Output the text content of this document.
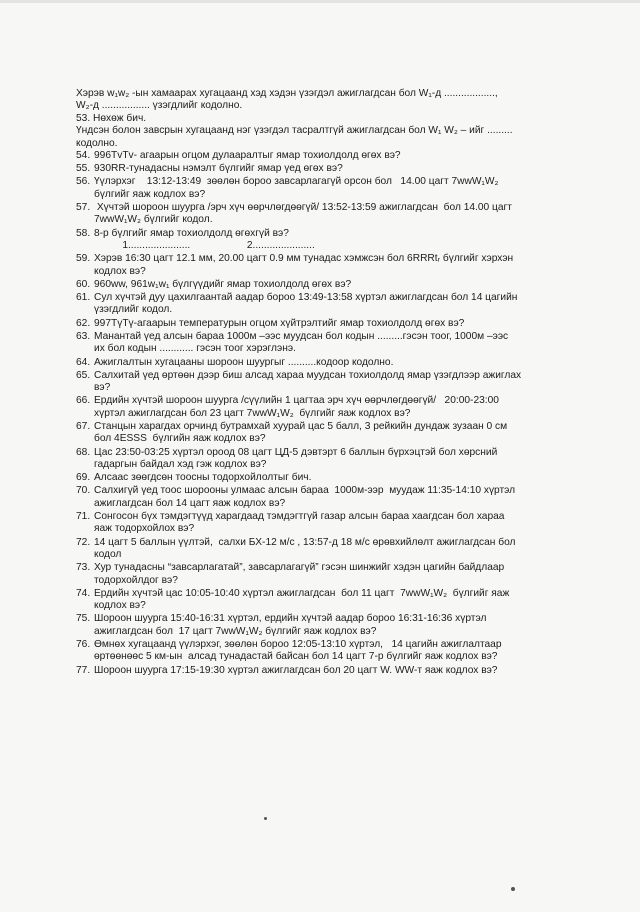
Хэрэв w₁w₂ -ын хамаарах хугацаанд хэд хэдэн үзэгдэл ажиглагдсан бол W₁-д ..................,

W₂-д ................. үзэгдлийг кодолно.

53. Нөхөж бич.

Үндсэн болон завсрын хугацаанд нэг үзэгдэл тасралтгүй ажиглагдсан бол W₁ W₂ – ийг .........

кодолно.

54. 996TvTv- агаарын огцом дулааралтыг ямар тохиолдолд өгөх вэ?
55. 930RR-тунадасны нэмэлт бүлгийг ямар үед өгөх вэ?
56. Үүлэрхэг    13:12-13:49  зөөлөн бороо завсарлагагүй орсон бол   14.00 цагт 7wwW₁W₂
бүлгийг яаж кодлох вэ?
57. Хүчтэй шороон шуурга /эрч хүч өөрчлөгдөөгүй/ 13:52-13:59 ажиглагдсан  бол 14.00 цагт
7wwW₁W₂ бүлгийг кодол.
58. 8-р бүлгийг ямар тохиолдолд өгөхгүй вэ?
1......................                    2......................
59. Хэрэв 16:30 цагт 12.1 мм, 20.00 цагт 0.9 мм тунадас хэмжсэн бол 6RRRtᵣ бүлгийг хэрхэн
кодлох вэ?
60. 960ww, 961w₁w₁ бүлгүүдийг ямар тохиолдолд өгөх вэ?
61. Сул хүчтэй дуу цахилгаантай аадар бороо 13:49-13:58 хүртэл ажиглагдсан бол 14 цагийн
үзэгдлийг кодол.
62. 997ТүТү-агаарын температурын огцом хүйтрэлтийг ямар тохиолдолд өгөх вэ?
63. Манантай үед алсын бараа 1000м –ээс муудсан бол кодын .........гэсэн тоог, 1000м –ээс
их бол кодын ............ гэсэн тоог хэрэглэнэ.
64. Ажиглалтын хугацааны шороон шуургыг ..........кодоор кодолно.
65. Салхитай үед өртөөн дээр биш алсад харaa муудсан тохиолдолд ямар үзэгдлээр ажиглах
вэ?
66. Ердийн хүчтэй шороон шуурга /сүүлийн 1 цагтаа эрч хүч өөрчлөгдөөгүй/   20:00-23:00
хүртэл ажиглагдсан бол 23 цагт 7wwW₁W₂  бүлгийг яаж кодлох вэ?
67. Станцын харагдах орчинд бутрамхай хуурай цас 5 балл, 3 рейкийн дундаж зузаан 0 см
бол 4ESSS  бүлгийн яаж кодлох вэ?
68. Цас 23:50-03:25 хүртэл ороод 08 цагт ЦД-5 дэвтэрт 6 баллын бүрхэцтэй бол хөрсний
гадаргын байдал хэд гэж кодлох вэ?
69. Алсаас зөөгдсөн тоосны тодорхойлолтыг бич.
70. Салхигүй үед тоос шорооны улмаас алсын бараа  1000м-ээр  муудаж 11:35-14:10 хүртэл
ажиглагдсан бол 14 цагт яаж кодлох вэ?
71. Сонгосон бүх тэмдэгтүүд харагдаад тэмдэгтгүй газар алсын бараа хаагдсан бол хараа
яаж тодорхойлох вэ?
72. 14 цагт 5 баллын үүлтэй,  салхи БХ-12 м/с , 13:57-д 18 м/с өрөвхийлөлт ажиглагдсан бол
кодол
73. Хур тунадасны “завсарлагатай”, завсарлагагүй” гэсэн шинжийг хэдэн цагийн байдлаар
тодорхойлдог вэ?
74. Ердийн хүчтэй цас 10:05-10:40 хүртэл ажиглагдсан  бол 11 цагт  7wwW₁W₂  бүлгийг яаж
кодлох вэ?
75. Шороон шуурга 15:40-16:31 хүртэл, ердийн хүчтэй аадар бороо 16:31-16:36 хүртэл
ажиглагдсан бол  17 цагт 7wwW₁W₂ бүлгийг яаж кодлох вэ?
76. Өмнөх хугацаанд үүлэрхэг, зөөлөн бороо 12:05-13:10 хүртэл,   14 цагийн ажиглалтаар
өртөөнөөс 5 км-ын  алсад тунадастай байсан бол 14 цагт 7-р бүлгийг яаж кодлох вэ?
77. Шороон шуурга 17:15-19:30 хүртэл ажиглагдсан бол 20 цагт W. WW-т яаж кодлох вэ?
